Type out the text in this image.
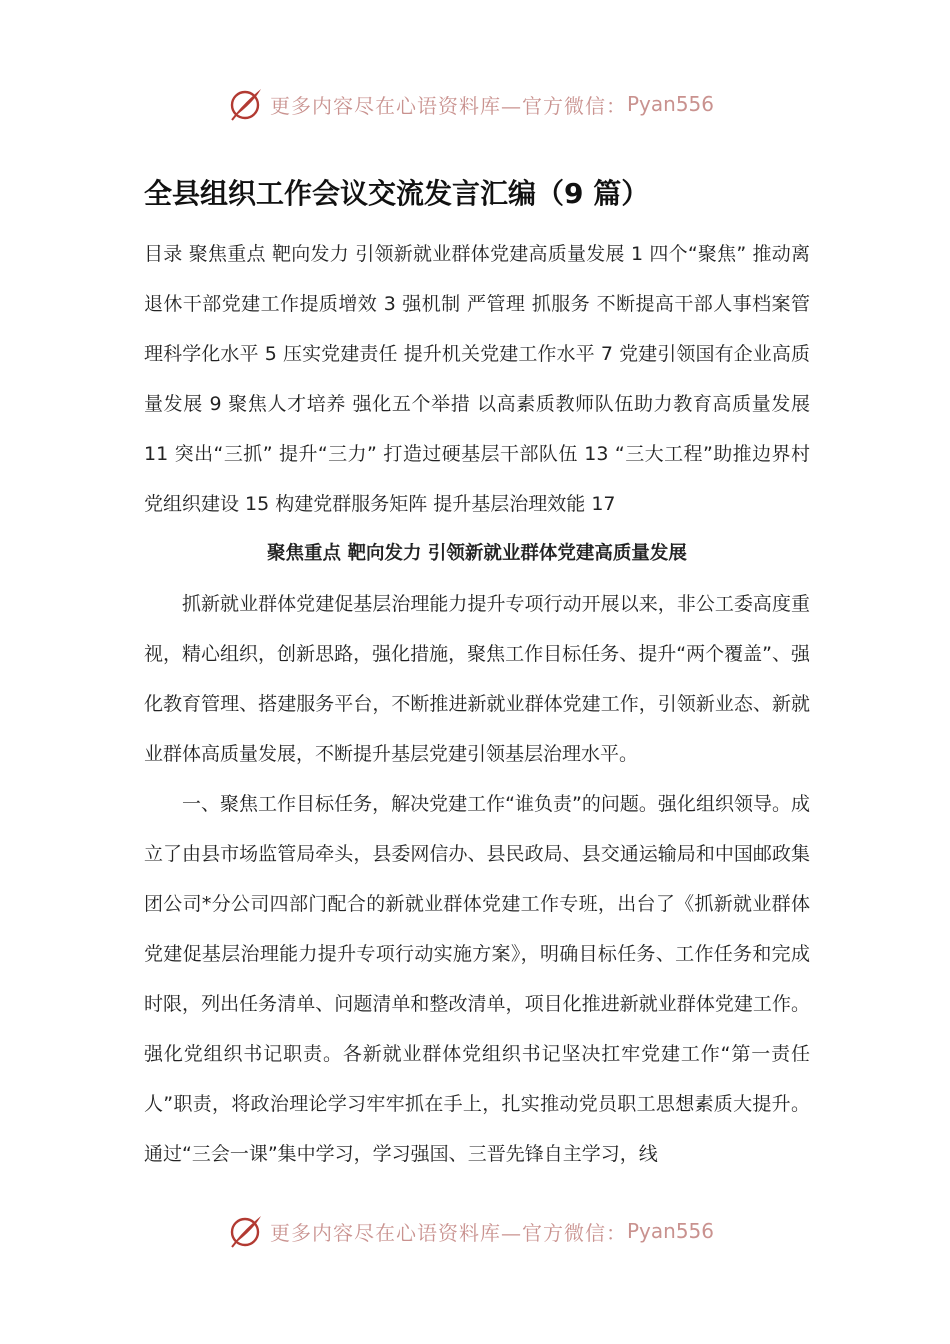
更多内容尽在心语资料库—官方微信： Pyan556
全县组织工作会议交流发言汇编（9 篇）

目录 聚焦重点 靶向发力 引领新就业群体党建高质量发展 1 四个“聚焦” 推动离退休干部党建工作提质增效 3 强机制 严管理 抓服务 不断提高干部人事档案管理科学化水平 5 压实党建责任 提升机关党建工作水平 7 党建引领国有企业高质量发展 9 聚焦人才培养 强化五个举措 以高素质教师队伍助力教育高质量发展 11 突出“三抓” 提升“三力” 打造过硬基层干部队伍 13 “三大工程”助推边界村党组织建设 15 构建党群服务矩阵 提升基层治理效能 17

聚焦重点 靶向发力 引领新就业群体党建高质量发展

抓新就业群体党建促基层治理能力提升专项行动开展以来，非公工委高度重视，精心组织，创新思路，强化措施，聚焦工作目标任务、提升“两个覆盖”、强化教育管理、搭建服务平台，不断推进新就业群体党建工作，引领新业态、新就业群体高质量发展，不断提升基层党建引领基层治理水平。

一、聚焦工作目标任务，解决党建工作“谁负责”的问题。强化组织领导。成立了由县市场监管局牵头，县委网信办、县民政局、县交通运输局和中国邮政集团公司*分公司四部门配合的新就业群体党建工作专班，出台了《抓新就业群体党建促基层治理能力提升专项行动实施方案》，明确目标任务、工作任务和完成时限，列出任务清单、问题清单和整改清单，项目化推进新就业群体党建工作。强化党组织书记职责。各新就业群体党组织书记坚决扛牢党建工作“第一责任人”职责，将政治理论学习牢牢抓在手上，扎实推动党员职工思想素质大提升。通过“三会一课”集中学习，学习强国、三晋先锋自主学习，线

更多内容尽在心语资料库—官方微信： Pyan556
